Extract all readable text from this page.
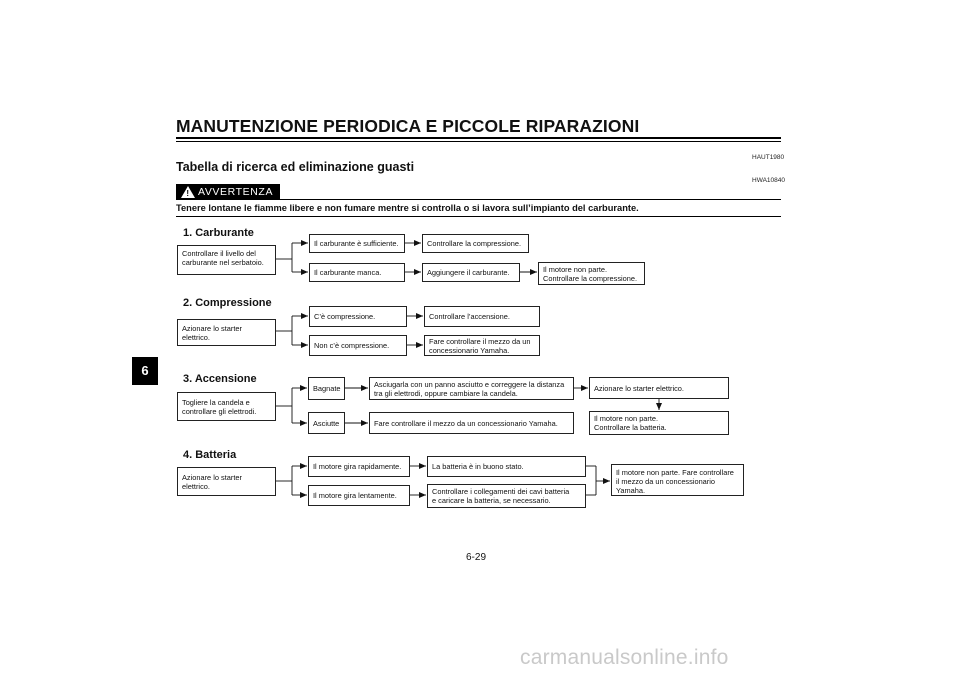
MANUTENZIONE PERIODICA E PICCOLE RIPARAZIONI
HAUT1980
Tabella di ricerca ed eliminazione guasti
HWA10840
! AVVERTENZA
Tenere lontane le fiamme libere e non fumare mentre si controlla o si lavora sull’impianto del carburante.
6
1. Carburante
Controllare il livello del
carburante nel serbatoio.
Il carburante è sufficiente.	Controllare la compressione.
Il carburante manca.	Aggiungere il carburante.	Il motore non parte.
Controllare la compressione.
2. Compressione
Azionare lo starter elettrico.
C’è compressione.	Controllare l’accensione.
Non c’è compressione.	Fare controllare il mezzo da un
concessionario Yamaha.
3. Accensione
Togliere la candela e
controllare gli elettrodi.
Bagnate	Asciugarla con un panno asciutto e correggere la distanza
tra gli elettrodi, oppure cambiare la candela.
Azionare lo starter elettrico.
Asciutte	Fare controllare il mezzo da un concessionario Yamaha.	Il motore non parte.
Controllare la batteria.
4. Batteria
Azionare lo starter elettrico.
Il motore gira rapidamente.	La batteria è in buono stato.
Il motore gira lentamente.	Controllare i collegamenti dei cavi batteria
e caricare la batteria, se necessario.
Il motore non parte. Fare controllare
il mezzo da un concessionario
Yamaha.
6-29
carmanualsonline.info
